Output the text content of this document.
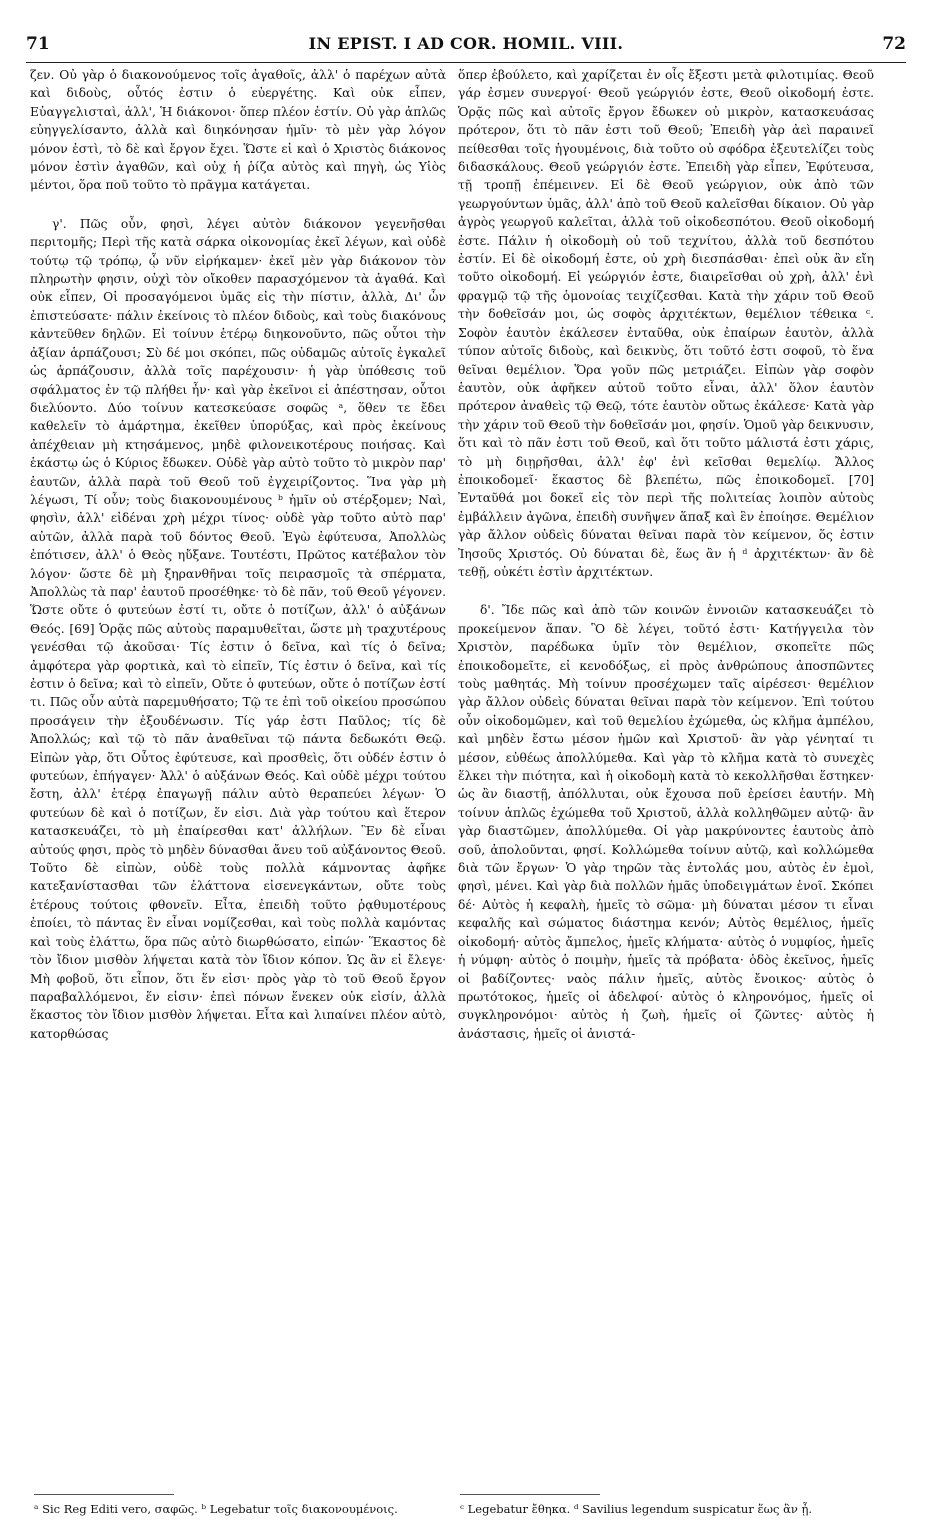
71	IN EPIST. I AD COR. HOMIL. VIII.	72

ζεν. Οὐ γὰρ ὁ διακονούμενος τοῖς ἀγαθοῖς, ἀλλ' ὁ παρέχων αὐτὰ καὶ διδοὺς, οὗτός ἐστιν ὁ εὐεργέτης. Καὶ οὐκ εἶπεν, Εὐαγγελισταὶ, ἀλλ', Ἡ διάκονοι· ὅπερ πλέον ἐστίν. Οὐ γὰρ ἁπλῶς εὐηγγελίσαντο, ἀλλὰ καὶ διηκόνησαν ἡμῖν· τὸ μὲν γὰρ λόγον μόνον ἐστὶ, τὸ δὲ καὶ ἔργον ἔχει. Ὥστε εἰ καὶ ὁ Χριστὸς διάκονος μόνον ἐστὶν ἀγαθῶν, καὶ οὐχ ἡ ῥίζα αὐτὸς καὶ πηγὴ, ὡς Υἱὸς μέντοι, ὅρα ποῦ τοῦτο τὸ πρᾶγμα κατάγεται.

γ'. Πῶς οὖν, φησὶ, λέγει αὐτὸν διάκονον γεγενῆσθαι περιτομῆς; Περὶ τῆς κατὰ σάρκα οἰκονομίας ἐκεῖ λέγων, καὶ οὐδὲ τούτῳ τῷ τρόπῳ, ᾧ νῦν εἰρήκαμεν· ἐκεῖ μὲν γὰρ διάκονον τὸν πληρωτὴν φησιν, οὐχὶ τὸν οἴκοθεν παρασχόμενον τὰ ἀγαθά. Καὶ οὐκ εἶπεν, Οἱ προσαγόμενοι ὑμᾶς εἰς τὴν πίστιν, ἀλλὰ, Δι' ὧν ἐπιστεύσατε· πάλιν ἐκείνοις τὸ πλέον διδοὺς, καὶ τοὺς διακόνους κἀντεῦθεν δηλῶν. Εἰ τοίνυν ἑτέρῳ διηκονοῦντο, πῶς οὗτοι τὴν ἀξίαν ἁρπάζουσι; Σὺ δέ μοι σκόπει, πῶς οὐδαμῶς αὐτοῖς ἐγκαλεῖ ὡς ἁρπάζουσιν, ἀλλὰ τοῖς παρέχουσιν· ἡ γὰρ ὑπόθεσις τοῦ σφάλματος ἐν τῷ πλήθει ἦν· καὶ γὰρ ἐκεῖνοι εἰ ἀπέστησαν, οὗτοι διελύοντο. Δύο τοίνυν κατεσκεύασε σοφῶς ᵃ, ὅθεν τε ἔδει καθελεῖν τὸ ἁμάρτημα, ἐκεῖθεν ὑπορύξας, καὶ πρὸς ἐκείνους ἀπέχθειαν μὴ κτησάμενος, μηδὲ φιλονεικοτέρους ποιήσας. Καὶ ἑκάστῳ ὡς ὁ Κύριος ἔδωκεν. Οὐδὲ γὰρ αὐτὸ τοῦτο τὸ μικρὸν παρ' ἑαυτῶν, ἀλλὰ παρὰ τοῦ Θεοῦ τοῦ ἐγχειρίζοντος. Ἵνα γὰρ μὴ λέγωσι, Τί οὖν; τοὺς διακονουμένους ᵇ ἡμῖν οὐ στέρξομεν; Ναὶ, φησὶν, ἀλλ' εἰδέναι χρὴ μέχρι τίνος· οὐδὲ γὰρ τοῦτο αὐτὸ παρ' αὐτῶν, ἀλλὰ παρὰ τοῦ δόντος Θεοῦ. Ἐγὼ ἐφύτευσα, Ἀπολλὼς ἐπότισεν, ἀλλ' ὁ Θεὸς ηὔξανε. Τουτέστι, Πρῶτος κατέβαλον τὸν λόγον· ὥστε δὲ μὴ ξηρανθῆναι τοῖς πειρασμοῖς τὰ σπέρματα, Ἀπολλὼς τὰ παρ' ἑαυτοῦ προσέθηκε· τὸ δὲ πᾶν, τοῦ Θεοῦ γέγονεν. Ὥστε οὔτε ὁ φυτεύων ἐστί τι, οὔτε ὁ ποτίζων, ἀλλ' ὁ αὐξάνων Θεός. [69] Ὁρᾷς πῶς αὐτοὺς παραμυθεῖται, ὥστε μὴ τραχυτέρους γενέσθαι τῷ ἀκοῦσαι· Τίς ἐστιν ὁ δεῖνα, καὶ τίς ὁ δεῖνα; ἀμφότερα γὰρ φορτικὰ, καὶ τὸ εἰπεῖν, Τίς ἐστιν ὁ δεῖνα, καὶ τίς ἐστιν ὁ δεῖνα; καὶ τὸ εἰπεῖν, Οὔτε ὁ φυτεύων, οὔτε ὁ ποτίζων ἐστί τι. Πῶς οὖν αὐτὰ παρεμυθήσατο; Τῷ τε ἐπὶ τοῦ οἰκείου προσώπου προσάγειν τὴν ἐξουδένωσιν. Τίς γάρ ἐστι Παῦλος; τίς δὲ Ἀπολλώς; καὶ τῷ τὸ πᾶν ἀναθεῖναι τῷ πάντα δεδωκότι Θεῷ. Εἰπὼν γὰρ, ὅτι Οὗτος ἐφύτευσε, καὶ προσθεὶς, ὅτι οὐδέν ἐστιν ὁ φυτεύων, ἐπήγαγεν· Ἀλλ' ὁ αὐξάνων Θεός. Καὶ οὐδὲ μέχρι τούτου ἔστη, ἀλλ' ἑτέρᾳ ἐπαγωγῇ πάλιν αὐτὸ θεραπεύει λέγων· Ὁ φυτεύων δὲ καὶ ὁ ποτίζων, ἕν εἰσι. Διὰ γὰρ τούτου καὶ ἕτερον κατασκευάζει, τὸ μὴ ἐπαίρεσθαι κατ' ἀλλήλων. Ἓν δὲ εἶναι αὐτούς φησι, πρὸς τὸ μηδὲν δύνασθαι ἄνευ τοῦ αὐξάνοντος Θεοῦ. Τοῦτο δὲ εἰπὼν, οὐδὲ τοὺς πολλὰ κάμνοντας ἀφῆκε κατεξανίστασθαι τῶν ἐλάττονα εἰσενεγκάντων, οὔτε τοὺς ἑτέρους τούτοις φθονεῖν. Εἶτα, ἐπειδὴ τοῦτο ῥᾳθυμοτέρους ἐποίει, τὸ πάντας ἓν εἶναι νομίζεσθαι, καὶ τοὺς πολλὰ καμόντας καὶ τοὺς ἐλάττω, ὅρα πῶς αὐτὸ διωρθώσατο, εἰπών· Ἕκαστος δὲ τὸν ἴδιον μισθὸν λήψεται κατὰ τὸν ἴδιον κόπον. Ὡς ἂν εἰ ἔλεγε· Μὴ φοβοῦ, ὅτι εἶπον, ὅτι ἕν εἰσι· πρὸς γὰρ τὸ τοῦ Θεοῦ ἔργον παραβαλλόμενοι, ἕν εἰσιν· ἐπεὶ πόνων ἕνεκεν οὐκ εἰσίν, ἀλλὰ ἕκαστος τὸν ἴδιον μισθὸν λήψεται. Εἶτα καὶ λιπαίνει πλέον αὐτὸ, κατορθώσας

ὅπερ ἐβούλετο, καὶ χαρίζεται ἐν οἷς ἔξεστι μετὰ φιλοτιμίας. Θεοῦ γάρ ἐσμεν συνεργοί· Θεοῦ γεώργιόν ἐστε, Θεοῦ οἰκοδομή ἐστε. Ὁρᾷς πῶς καὶ αὐτοῖς ἔργον ἔδωκεν οὐ μικρὸν, κατασκευάσας πρότερον, ὅτι τὸ πᾶν ἐστι τοῦ Θεοῦ; Ἐπειδὴ γὰρ ἀεὶ παραινεῖ πείθεσθαι τοῖς ἡγουμένοις, διὰ τοῦτο οὐ σφόδρα ἐξευτελίζει τοὺς διδασκάλους. Θεοῦ γεώργιόν ἐστε. Ἐπειδὴ γὰρ εἶπεν, Ἐφύτευσα, τῇ τροπῇ ἐπέμεινεν. Εἰ δὲ Θεοῦ γεώργιον, οὐκ ἀπὸ τῶν γεωργούντων ὑμᾶς, ἀλλ' ἀπὸ τοῦ Θεοῦ καλεῖσθαι δίκαιον. Οὐ γὰρ ἀγρὸς γεωργοῦ καλεῖται, ἀλλὰ τοῦ οἰκοδεσπότου. Θεοῦ οἰκοδομή ἐστε. Πάλιν ἡ οἰκοδομὴ οὐ τοῦ τεχνίτου, ἀλλὰ τοῦ δεσπότου ἐστίν. Εἰ δὲ οἰκοδομή ἐστε, οὐ χρὴ διεσπάσθαι· ἐπεὶ οὐκ ἂν εἴη τοῦτο οἰκοδομή. Εἰ γεώργιόν ἐστε, διαιρεῖσθαι οὐ χρὴ, ἀλλ' ἑνὶ φραγμῷ τῷ τῆς ὁμονοίας τειχίζεσθαι. Κατὰ τὴν χάριν τοῦ Θεοῦ τὴν δοθεῖσάν μοι, ὡς σοφὸς ἀρχιτέκτων, θεμέλιον τέθεικα ᶜ. Σοφὸν ἑαυτὸν ἐκάλεσεν ἐνταῦθα, οὐκ ἐπαίρων ἑαυτὸν, ἀλλὰ τύπον αὐτοῖς διδοὺς, καὶ δεικνὺς, ὅτι τοῦτό ἐστι σοφοῦ, τὸ ἕνα θεῖναι θεμέλιον. Ὅρα γοῦν πῶς μετριάζει. Εἰπὼν γὰρ σοφὸν ἑαυτὸν, οὐκ ἀφῆκεν αὐτοῦ τοῦτο εἶναι, ἀλλ' ὅλον ἑαυτὸν πρότερον ἀναθεὶς τῷ Θεῷ, τότε ἑαυτὸν οὕτως ἐκάλεσε· Κατὰ γὰρ τὴν χάριν τοῦ Θεοῦ τὴν δοθεῖσάν μοι, φησίν. Ὁμοῦ γὰρ δεικνυσιν, ὅτι καὶ τὸ πᾶν ἐστι τοῦ Θεοῦ, καὶ ὅτι τοῦτο μάλιστά ἐστι χάρις, τὸ μὴ διῃρῆσθαι, ἀλλ' ἐφ' ἑνὶ κεῖσθαι θεμελίῳ. Ἄλλος ἐποικοδομεῖ· ἕκαστος δὲ βλεπέτω, πῶς ἐποικοδομεῖ. [70] Ἐνταῦθά μοι δοκεῖ εἰς τὸν περὶ τῆς πολιτείας λοιπὸν αὐτοὺς ἐμβάλλειν ἀγῶνα, ἐπειδὴ συνῆψεν ἅπαξ καὶ ἓν ἐποίησε. Θεμέλιον γὰρ ἄλλον οὐδεὶς δύναται θεῖναι παρὰ τὸν κείμενον, ὅς ἐστιν Ἰησοῦς Χριστός. Οὐ δύναται δὲ, ἕως ἂν ἡ ᵈ ἀρχιτέκτων· ἂν δὲ τεθῇ, οὐκέτι ἐστὶν ἀρχιτέκτων.

δ'. Ἴδε πῶς καὶ ἀπὸ τῶν κοινῶν ἐννοιῶν κατασκευάζει τὸ προκείμενον ἅπαν. Ὃ δὲ λέγει, τοῦτό ἐστι· Κατήγγειλα τὸν Χριστὸν, παρέδωκα ὑμῖν τὸν θεμέλιον, σκοπεῖτε πῶς ἐποικοδομεῖτε, εἰ κενοδόξως, εἰ πρὸς ἀνθρώπους ἀποσπῶντες τοὺς μαθητάς. Μὴ τοίνυν προσέχωμεν ταῖς αἱρέσεσι· θεμέλιον γὰρ ἄλλον οὐδεὶς δύναται θεῖναι παρὰ τὸν κείμενον. Ἐπὶ τούτου οὖν οἰκοδομῶμεν, καὶ τοῦ θεμελίου ἐχώμεθα, ὡς κλῆμα ἀμπέλου, καὶ μηδὲν ἔστω μέσον ἡμῶν καὶ Χριστοῦ· ἂν γὰρ γένηταί τι μέσον, εὐθέως ἀπολλύμεθα. Καὶ γὰρ τὸ κλῆμα κατὰ τὸ συνεχὲς ἕλκει τὴν πιότητα, καὶ ἡ οἰκοδομὴ κατὰ τὸ κεκολλῆσθαι ἕστηκεν· ὡς ἂν διαστῇ, ἀπόλλυται, οὐκ ἔχουσα ποῦ ἐρείσει ἑαυτήν. Μὴ τοίνυν ἁπλῶς ἐχώμεθα τοῦ Χριστοῦ, ἀλλὰ κολληθῶμεν αὐτῷ· ἂν γὰρ διαστῶμεν, ἀπολλύμεθα. Οἱ γὰρ μακρύνοντες ἑαυτοὺς ἀπὸ σοῦ, ἀπολοῦνται, φησί. Κολλώμεθα τοίνυν αὐτῷ, καὶ κολλώμεθα διὰ τῶν ἔργων· Ὁ γὰρ τηρῶν τὰς ἐντολάς μου, αὐτὸς ἐν ἐμοὶ, φησὶ, μένει. Καὶ γὰρ διὰ πολλῶν ἡμᾶς ὑποδειγμάτων ἑνοῖ. Σκόπει δέ· Αὐτὸς ἡ κεφαλὴ, ἡμεῖς τὸ σῶμα· μὴ δύναται μέσον τι εἶναι κεφαλῆς καὶ σώματος διάστημα κενόν; Αὐτὸς θεμέλιος, ἡμεῖς οἰκοδομή· αὐτὸς ἄμπελος, ἡμεῖς κλήματα· αὐτὸς ὁ νυμφίος, ἡμεῖς ἡ νύμφη· αὐτὸς ὁ ποιμὴν, ἡμεῖς τὰ πρόβατα· ὁδὸς ἐκεῖνος, ἡμεῖς οἱ βαδίζοντες· ναὸς πάλιν ἡμεῖς, αὐτὸς ἔνοικος· αὐτὸς ὁ πρωτότοκος, ἡμεῖς οἱ ἀδελφοί· αὐτὸς ὁ κληρονόμος, ἡμεῖς οἱ συγκληρονόμοι· αὐτὸς ἡ ζωὴ, ἡμεῖς οἱ ζῶντες· αὐτὸς ἡ ἀνάστασις, ἡμεῖς οἱ ἀνιστά-

ᵃ Sic Reg Editi vero, σαφῶς. ᵇ Legebatur τοῖς διακονουμένοις.	ᶜ Legebatur ἔθηκα. ᵈ Savilius legendum suspicatur ἕως ἂν ᾖ.
